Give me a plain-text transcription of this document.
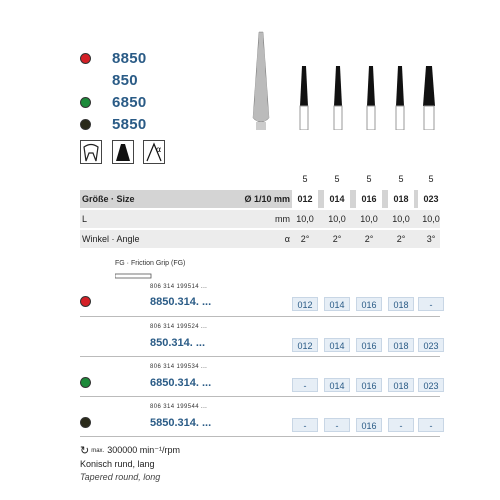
8850
850
6850
5850
α
5	5	5	5	5
Größe · Size	Ø 1/10 mm 012	014	016	018	023
L	mm 10,0	10,0	10,0	10,0	10,0
Winkel · Angle	α	2°	2°	2°	2°	3°
FG · Friction Grip (FG)
806 314 199514 ...
8850.314. ...	012	014	016	018	-
806 314 199524 ...
850.314. ...	012	014	016	018	023
806 314 199534 ...
6850.314. ...	-	014	016	018	023
806 314 199544 ...
5850.314. ...	-	-	016	-	-
↻ max. 300000 min⁻¹/rpm
Konisch rund, lang
Tapered round, long
